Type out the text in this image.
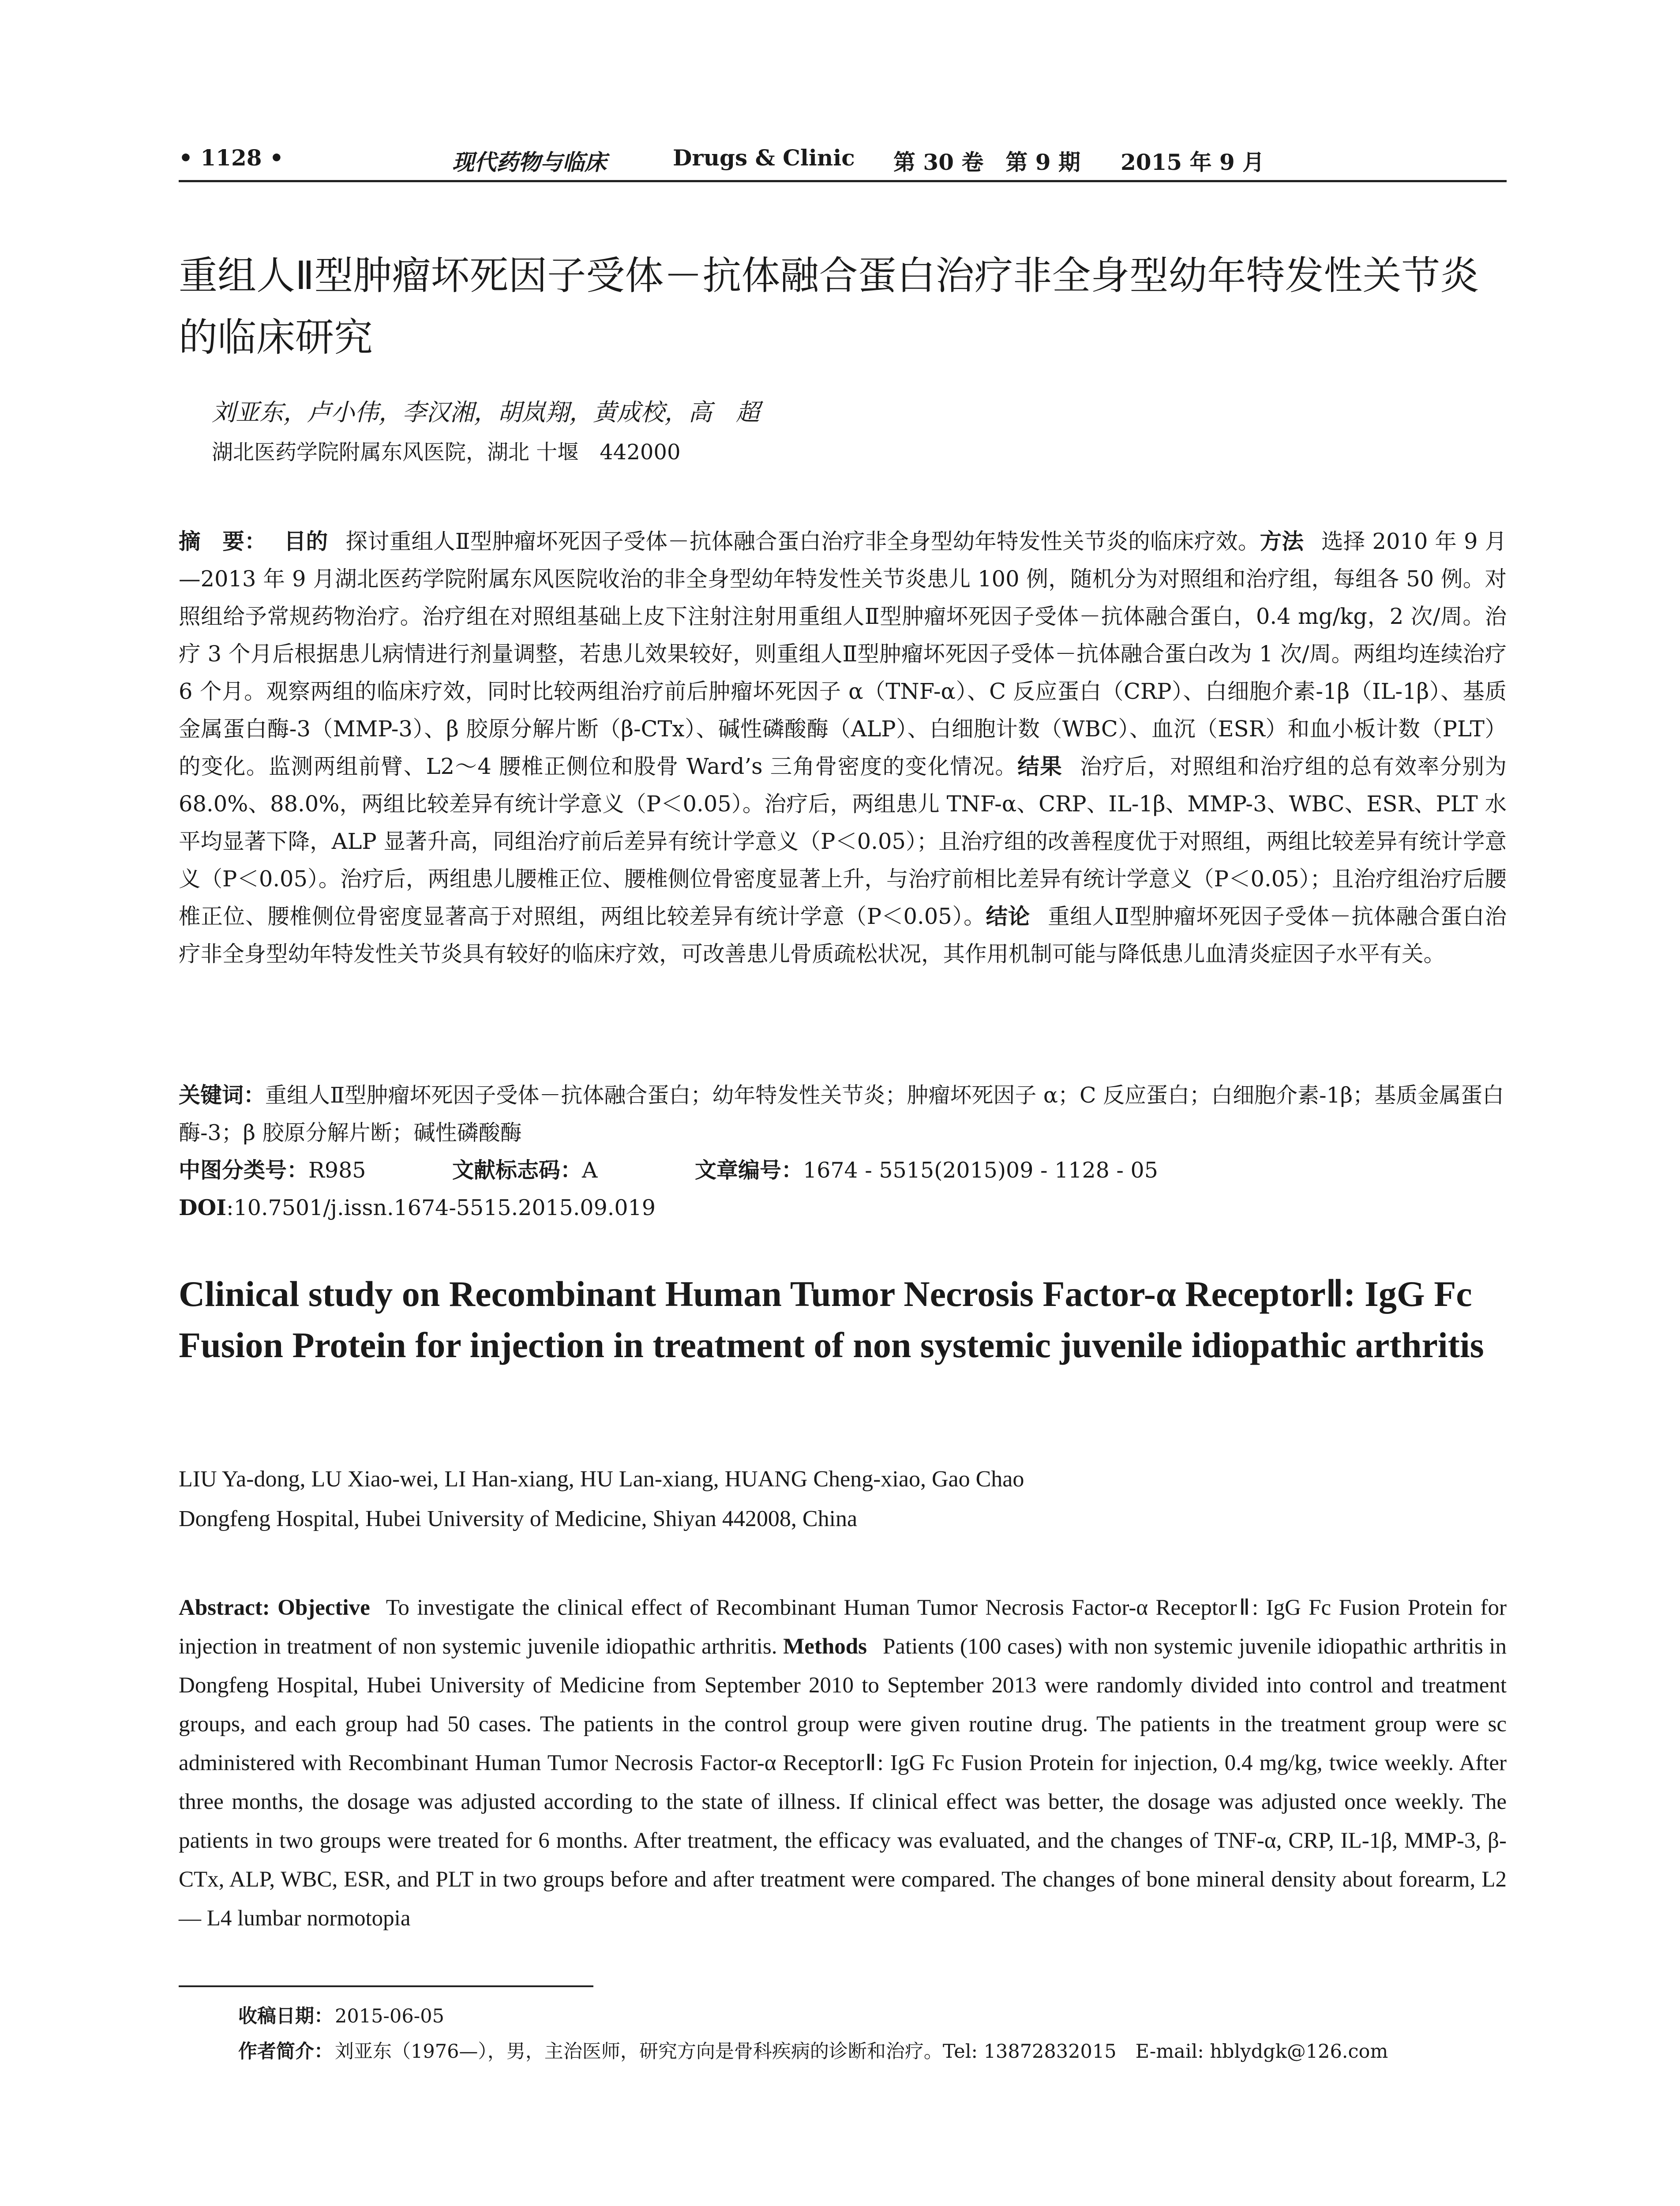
• 1128 •	现代药物与临床	Drugs & Clinic 第 30 卷　第 9 期 2015 年 9 月
重组人Ⅱ型肿瘤坏死因子受体－抗体融合蛋白治疗非全身型幼年特发性关节炎的临床研究
刘亚东，卢小伟，李汉湘，胡岚翔，黄成校，高　超
湖北医药学院附属东风医院，湖北 十堰　442000

摘　要： 目的 探讨重组人Ⅱ型肿瘤坏死因子受体－抗体融合蛋白治疗非全身型幼年特发性关节炎的临床疗效。方法 选择 2010 年 9 月—2013 年 9 月湖北医药学院附属东风医院收治的非全身型幼年特发性关节炎患儿 100 例，随机分为对照组和治疗组，每组各 50 例。对照组给予常规药物治疗。治疗组在对照组基础上皮下注射注射用重组人Ⅱ型肿瘤坏死因子受体－抗体融合蛋白，0.4 mg/kg，2 次/周。治疗 3 个月后根据患儿病情进行剂量调整，若患儿效果较好，则重组人Ⅱ型肿瘤坏死因子受体－抗体融合蛋白改为 1 次/周。两组均连续治疗 6 个月。观察两组的临床疗效，同时比较两组治疗前后肿瘤坏死因子 α（TNF-α）、C 反应蛋白（CRP）、白细胞介素-1β（IL-1β）、基质金属蛋白酶-3（MMP-3）、β 胶原分解片断（β-CTx）、碱性磷酸酶（ALP）、白细胞计数（WBC）、血沉（ESR）和血小板计数（PLT）的变化。监测两组前臂、L2～4 腰椎正侧位和股骨 Ward’s 三角骨密度的变化情况。结果 治疗后，对照组和治疗组的总有效率分别为 68.0%、88.0%，两组比较差异有统计学意义（P＜0.05）。治疗后，两组患儿 TNF-α、CRP、IL-1β、MMP-3、WBC、ESR、PLT 水平均显著下降，ALP 显著升高，同组治疗前后差异有统计学意义（P＜0.05）；且治疗组的改善程度优于对照组，两组比较差异有统计学意义（P＜0.05）。治疗后，两组患儿腰椎正位、腰椎侧位骨密度显著上升，与治疗前相比差异有统计学意义（P＜0.05）；且治疗组治疗后腰椎正位、腰椎侧位骨密度显著高于对照组，两组比较差异有统计学意（P＜0.05）。结论 重组人Ⅱ型肿瘤坏死因子受体－抗体融合蛋白治疗非全身型幼年特发性关节炎具有较好的临床疗效，可改善患儿骨质疏松状况，其作用机制可能与降低患儿血清炎症因子水平有关。

关键词：重组人Ⅱ型肿瘤坏死因子受体－抗体融合蛋白；幼年特发性关节炎；肿瘤坏死因子 α；C 反应蛋白；白细胞介素-1β；基质金属蛋白酶-3；β 胶原分解片断；碱性磷酸酶

中图分类号：R985	文献标志码：A	文章编号：1674 - 5515(2015)09 - 1128 - 05
DOI:10.7501/j.issn.1674-5515.2015.09.019
Clinical study on Recombinant Human Tumor Necrosis Factor-α ReceptorⅡ: IgG Fc Fusion Protein for injection in treatment of non systemic juvenile idiopathic arthritis
LIU Ya-dong, LU Xiao-wei, LI Han-xiang, HU Lan-xiang, HUANG Cheng-xiao, Gao Chao
Dongfeng Hospital, Hubei University of Medicine, Shiyan 442008, China

Abstract: Objective To investigate the clinical effect of Recombinant Human Tumor Necrosis Factor-α ReceptorⅡ: IgG Fc Fusion Protein for injection in treatment of non systemic juvenile idiopathic arthritis. Methods Patients (100 cases) with non systemic juvenile idiopathic arthritis in Dongfeng Hospital, Hubei University of Medicine from September 2010 to September 2013 were randomly divided into control and treatment groups, and each group had 50 cases. The patients in the control group were given routine drug. The patients in the treatment group were sc administered with Recombinant Human Tumor Necrosis Factor-α ReceptorⅡ: IgG Fc Fusion Protein for injection, 0.4 mg/kg, twice weekly. After three months, the dosage was adjusted according to the state of illness. If clinical effect was better, the dosage was adjusted once weekly. The patients in two groups were treated for 6 months. After treatment, the efficacy was evaluated, and the changes of TNF-α, CRP, IL-1β, MMP-3, β-CTx, ALP, WBC, ESR, and PLT in two groups before and after treatment were compared. The changes of bone mineral density about forearm, L2 — L4 lumbar normotopia

收稿日期：2015-06-05
作者简介：刘亚东（1976—），男，主治医师，研究方向是骨科疾病的诊断和治疗。Tel: 13872832015　E-mail: hblydgk@126.com
